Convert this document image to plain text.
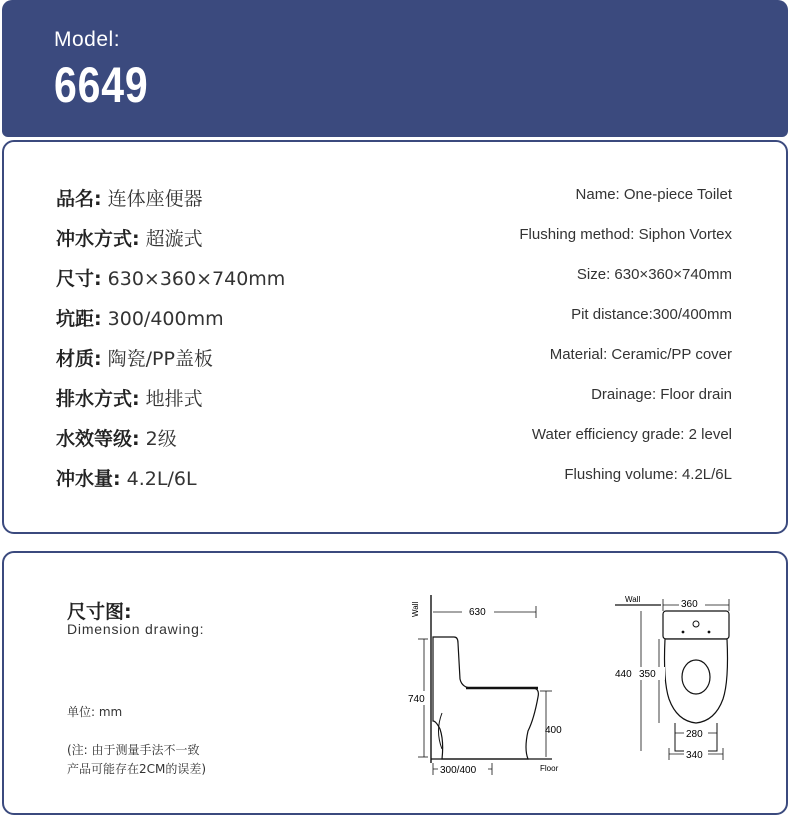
Model:
6649
品名: 连体座便器	Name: One-piece Toilet
冲水方式: 超漩式	Flushing method: Siphon Vortex
尺寸: 630×360×740mm	Size: 630×360×740mm
坑距: 300/400mm	Pit distance:300/400mm
材质: 陶瓷/PP盖板	Material: Ceramic/PP cover
排水方式: 地排式	Drainage: Floor drain
水效等级: 2级	Water efficiency grade: 2 level
冲水量: 4.2L/6L	Flushing volume: 4.2L/6L
尺寸图:
Dimension drawing:
单位: mm
(注: 由于测量手法不一致
产品可能存在2CM的误差)
Wall	630
Floor
740
400
300/400
Wall	360
440 350
280
340
